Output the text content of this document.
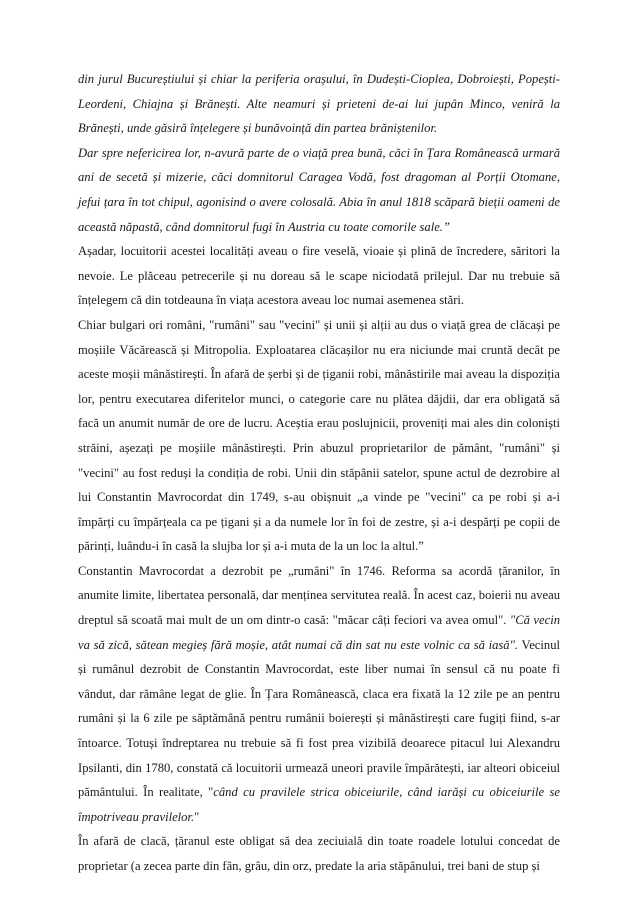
din jurul Bucureștiului și chiar la periferia orașului, în Dudești-Cioplea, Dobroiești, Popești-Leordeni, Chiajna și Brănești. Alte neamuri și prieteni de-ai lui jupân Minco, veniră la Brănești, unde găsiră înțelegere și bunăvoință din partea brăniștenilor.

Dar spre nefericirea lor, n-avură parte de o viață prea bună, căci în Țara Românească urmară ani de secetă și mizerie, căci domnitorul Caragea Vodă, fost dragoman al Porții Otomane, jefui țara în tot chipul, agonisind o avere colosală. Abia în anul 1818 scăpară bieții oameni de această năpastă, când domnitorul fugi în Austria cu toate comorile sale.”

Așadar, locuitorii acestei localități aveau o fire veselă, vioaie și plină de încredere, săritori la nevoie. Le plăceau petrecerile și nu doreau să le scape niciodată prilejul. Dar nu trebuie să înțelegem că din totdeauna în viața acestora aveau loc numai asemenea stări.

Chiar bulgari ori români, "rumâni" sau "vecini" și unii și alții au dus o viață grea de clăcași pe moșiile Văcărească și Mitropolia. Exploatarea clăcașilor nu era niciunde mai cruntă decât pe aceste moșii mânăstirești. În afară de șerbi și de țiganii robi, mânăstirile mai aveau la dispoziția lor, pentru executarea diferitelor munci, o categorie care nu plătea dăjdii, dar era obligată să facă un anumit număr de ore de lucru. Aceștia erau poslujnicii, proveniți mai ales din coloniști străini, așezați pe moșiile mânăstirești. Prin abuzul proprietarilor de pământ, "rumâni" și "vecini" au fost reduși la condiția de robi. Unii din stăpânii satelor, spune actul de dezrobire al lui Constantin Mavrocordat din 1749, s-au obișnuit „a vinde pe "vecini" ca pe robi și a-i împărți cu împărțeala ca pe țigani și a da numele lor în foi de zestre, și a-i despărți pe copii de părinți, luându-i în casă la slujba lor și a-i muta de la un loc la altul.”

Constantin Mavrocordat a dezrobit pe „rumâni" în 1746. Reforma sa acordă țăranilor, în anumite limite, libertatea personală, dar menținea servitutea reală. În acest caz, boierii nu aveau dreptul să scoată mai mult de un om dintr-o casă: "măcar câți feciori va avea omul". "Că vecin va să zică, sătean megieș fără moșie, atât numai că din sat nu este volnic ca să iasă". Vecinul și rumânul dezrobit de Constantin Mavrocordat, este liber numai în sensul că nu poate fi vândut, dar rămâne legat de glie. În Țara Românească, claca era fixată la 12 zile pe an pentru rumâni și la 6 zile pe săptămână pentru rumânii boierești și mânăstirești care fugiți fiind, s-ar întoarce. Totuși îndreptarea nu trebuie să fi fost prea vizibilă deoarece pitacul lui Alexandru Ipsilanti, din 1780, constată că locuitorii urmează uneori pravile împărătești, iar alteori obiceiul pământului. În realitate, "când cu pravilele strica obiceiurile, când iarăși cu obiceiurile se împotriveau pravilelor."

În afară de clacă, țăranul este obligat să dea zeciuială din toate roadele lotului concedat de proprietar (a zecea parte din fân, grâu, din orz, predate la aria stăpânului, trei bani de stup și
